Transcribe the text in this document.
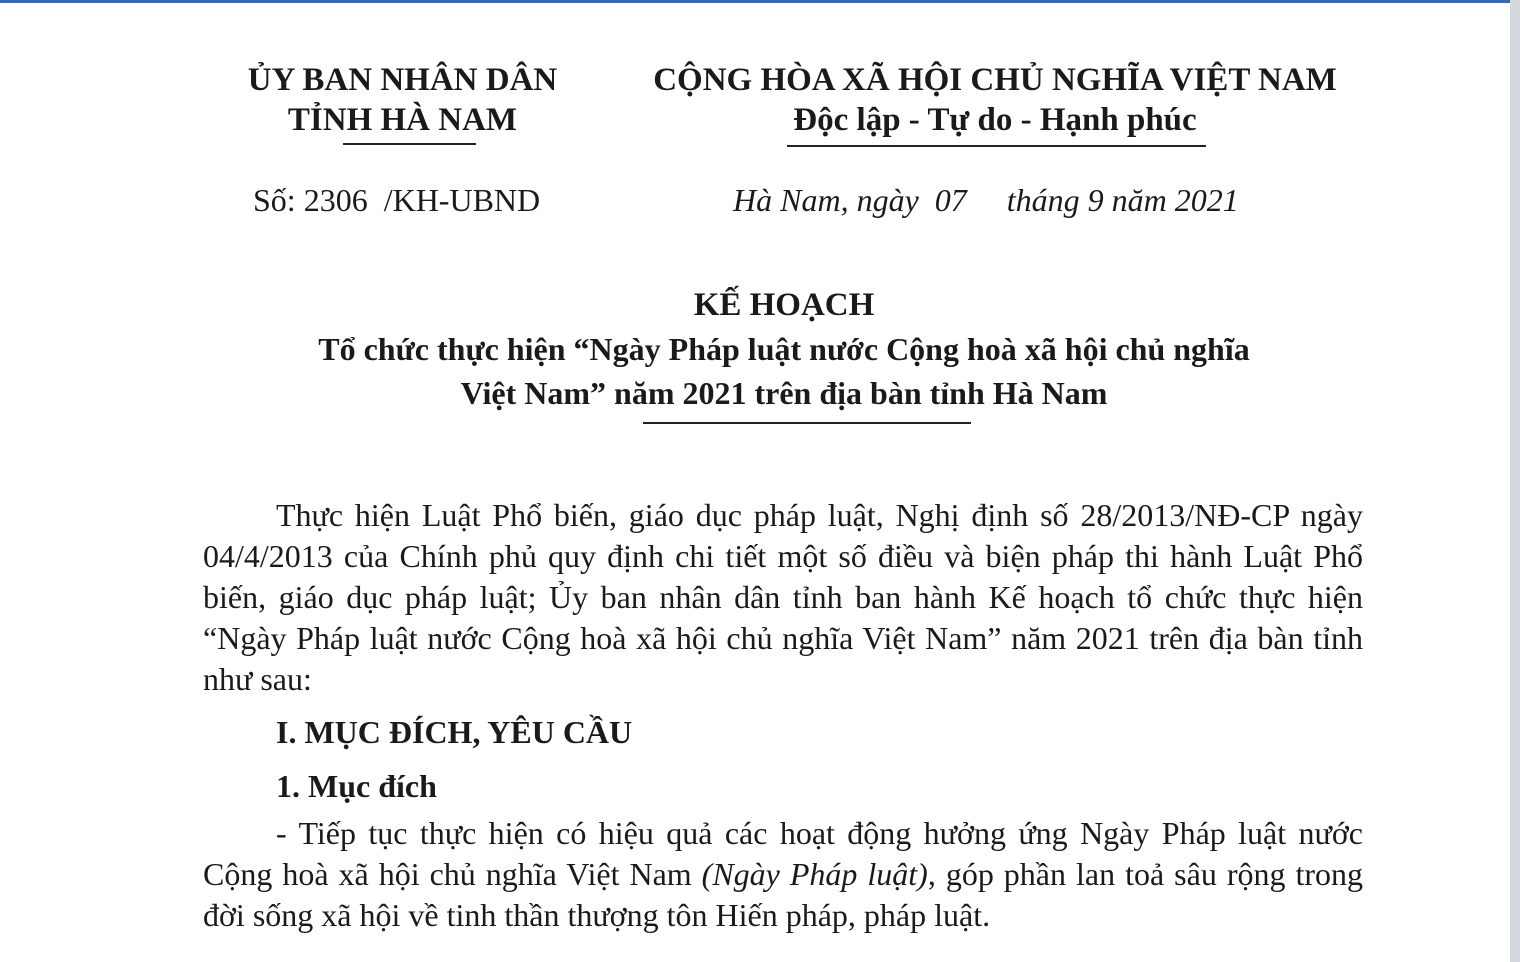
ỦY BAN NHÂN DÂN
TỈNH HÀ NAM
CỘNG HÒA XÃ HỘI CHỦ NGHĨA VIỆT NAM
Độc lập - Tự do - Hạnh phúc
Số: 2306  /KH-UBND	Hà Nam, ngày  07     tháng 9 năm 2021
KẾ HOẠCH
Tổ chức thực hiện “Ngày Pháp luật nước Cộng hoà xã hội chủ nghĩa
Việt Nam” năm 2021 trên địa bàn tỉnh Hà Nam

Thực hiện Luật Phổ biến, giáo dục pháp luật, Nghị định số 28/2013/NĐ-CP ngày 04/4/2013 của Chính phủ quy định chi tiết một số điều và biện pháp thi hành Luật Phổ biến, giáo dục pháp luật; Ủy ban nhân dân tỉnh ban hành Kế hoạch tổ chức thực hiện “Ngày Pháp luật nước Cộng hoà xã hội chủ nghĩa Việt Nam” năm 2021 trên địa bàn tỉnh như sau:

I. MỤC ĐÍCH, YÊU CẦU
1. Mục đích

- Tiếp tục thực hiện có hiệu quả các hoạt động hưởng ứng Ngày Pháp luật nước Cộng hoà xã hội chủ nghĩa Việt Nam (Ngày Pháp luật), góp phần lan toả sâu rộng trong đời sống xã hội về tinh thần thượng tôn Hiến pháp, pháp luật.
